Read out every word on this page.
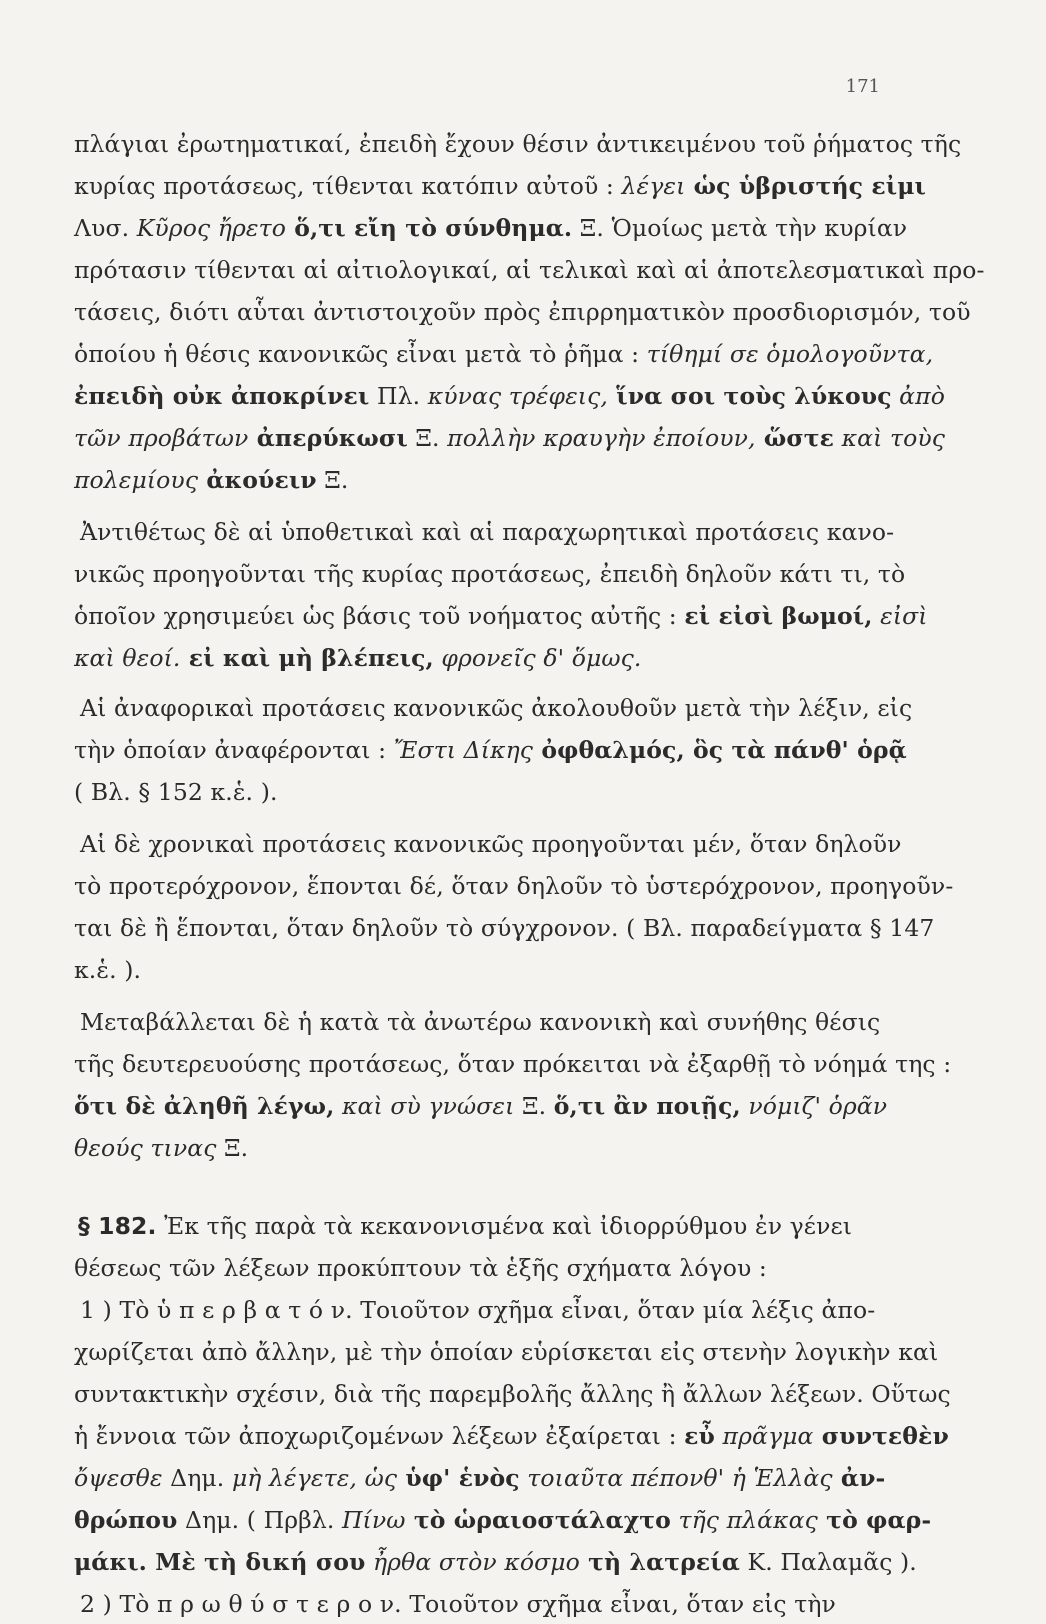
171
πλάγιαι ἐρωτηματικαί, ἐπειδὴ ἔχουν θέσιν ἀντικειμένου τοῦ ῥήματος τῆς
κυρίας προτάσεως, τίθενται κατόπιν αὐτοῦ : λέγει ὡς ὑβριστής εἰμι
Λυσ. Κῦρος ἤρετο ὅ,τι εἴη τὸ σύνθημα. Ξ. Ὁμοίως μετὰ τὴν κυρίαν
πρότασιν τίθενται αἱ αἰτιολογικαί, αἱ τελικαὶ καὶ αἱ ἀποτελεσματικαὶ προ-
τάσεις, διότι αὗται ἀντιστοιχοῦν πρὸς ἐπιρρηματικὸν προσδιορισμόν, τοῦ
ὁποίου ἡ θέσις κανονικῶς εἶναι μετὰ τὸ ῥῆμα : τίθημί σε ὁμολογοῦντα,
ἐπειδὴ οὐκ ἀποκρίνει Πλ. κύνας τρέφεις, ἵνα σοι τοὺς λύκους ἀπὸ
τῶν προβάτων ἀπερύκωσι Ξ. πολλὴν κραυγὴν ἐποίουν, ὥστε καὶ τοὺς
πολεμίους ἀκούειν Ξ.
Ἀντιθέτως δὲ αἱ ὑποθετικαὶ καὶ αἱ παραχωρητικαὶ προτάσεις κανο-
νικῶς προηγοῦνται τῆς κυρίας προτάσεως, ἐπειδὴ δηλοῦν κάτι τι, τὸ
ὁποῖον χρησιμεύει ὡς βάσις τοῦ νοήματος αὐτῆς : εἰ εἰσὶ βωμοί, εἰσὶ
καὶ θεοί. εἰ καὶ μὴ βλέπεις, φρονεῖς δ' ὅμως.
Αἱ ἀναφορικαὶ προτάσεις κανονικῶς ἀκολουθοῦν μετὰ τὴν λέξιν, εἰς
τὴν ὁποίαν ἀναφέρονται : Ἔστι Δίκης ὀφθαλμός, ὃς τὰ πάνθ' ὁρᾷ
( Βλ. § 152 κ.ἑ. ).
Αἱ δὲ χρονικαὶ προτάσεις κανονικῶς προηγοῦνται μέν, ὅταν δηλοῦν
τὸ προτερόχρονον, ἕπονται δέ, ὅταν δηλοῦν τὸ ὑστερόχρονον, προηγοῦν-
ται δὲ ἢ ἕπονται, ὅταν δηλοῦν τὸ σύγχρονον. ( Βλ. παραδείγματα § 147
κ.ἑ. ).
Μεταβάλλεται δὲ ἡ κατὰ τὰ ἀνωτέρω κανονικὴ καὶ συνήθης θέσις
τῆς δευτερευούσης προτάσεως, ὅταν πρόκειται νὰ ἐξαρθῇ τὸ νόημά της :
ὅτι δὲ ἀληθῆ λέγω, καὶ σὺ γνώσει Ξ. ὅ,τι ἂν ποιῇς, νόμιζ' ὁρᾶν
θεούς τινας Ξ.
§ 182. Ἐκ τῆς παρὰ τὰ κεκανονισμένα καὶ ἰδιορρύθμου ἐν γένει
θέσεως τῶν λέξεων προκύπτουν τὰ ἑξῆς σχήματα λόγου :
1 ) Τὸ ὑ π ε ρ β α τ ό ν. Τοιοῦτον σχῆμα εἶναι, ὅταν μία λέξις ἀπο-
χωρίζεται ἀπὸ ἄλλην, μὲ τὴν ὁποίαν εὑρίσκεται εἰς στενὴν λογικὴν καὶ
συντακτικὴν σχέσιν, διὰ τῆς παρεμβολῆς ἄλλης ἢ ἄλλων λέξεων. Οὕτως
ἡ ἔννοια τῶν ἀποχωριζομένων λέξεων ἐξαίρεται : εὖ πρᾶγμα συντεθὲν
ὄψεσθε Δημ. μὴ λέγετε, ὡς ὑφ' ἑνὸς τοιαῦτα πέπονθ' ἡ Ἑλλὰς ἀν-
θρώπου Δημ. ( Πρβλ. Πίνω τὸ ὡραιοστάλαχτο τῆς πλάκας τὸ φαρ-
μάκι. Μὲ τὴ δική σου ἦρθα στὸν κόσμο τὴ λατρεία Κ. Παλαμᾶς ).
2 ) Τὸ π ρ ω θ ύ σ τ ε ρ ο ν. Τοιοῦτον σχῆμα εἶναι, ὅταν εἰς τὴν
